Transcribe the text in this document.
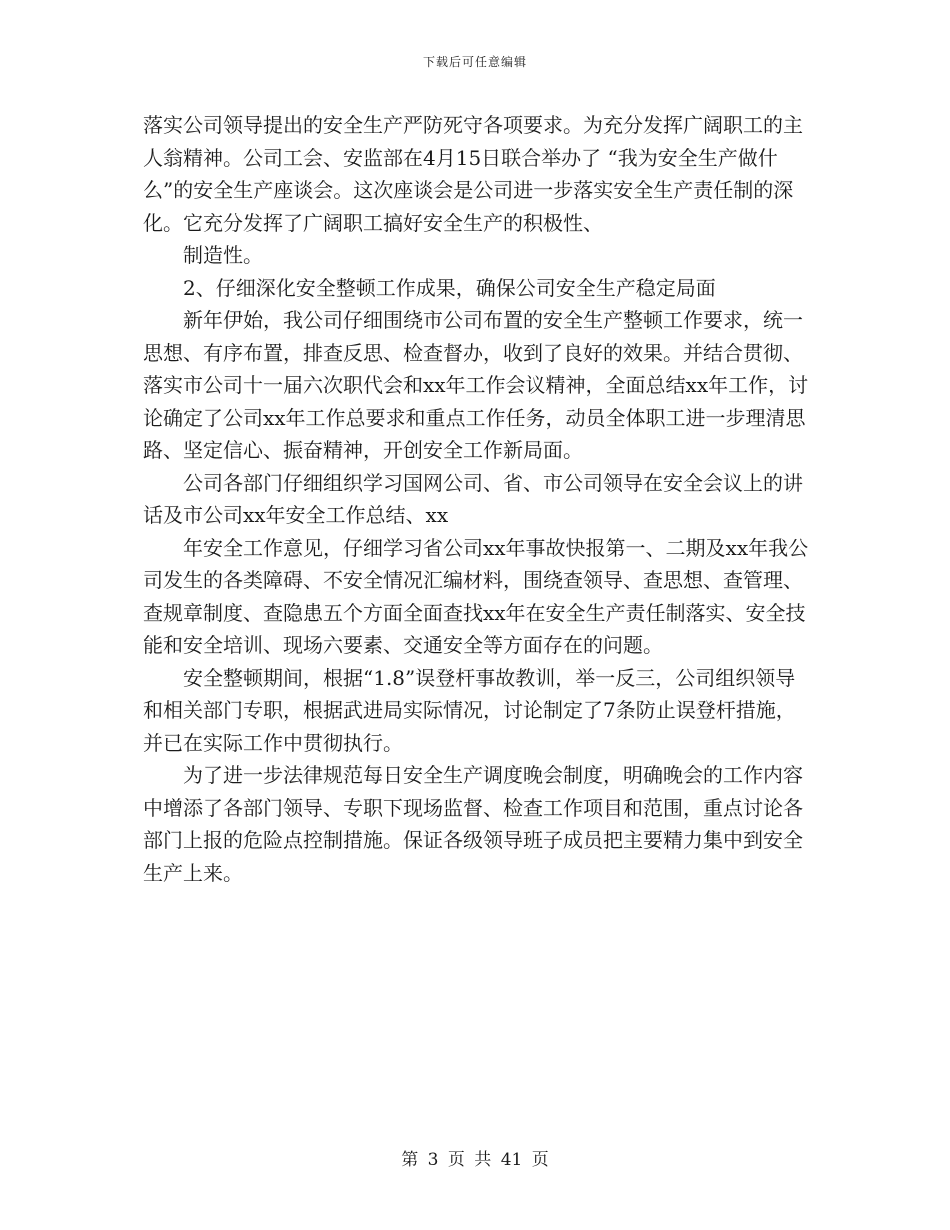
下载后可任意编辑

落实公司领导提出的安全生产严防死守各项要求。为充分发挥广阔职工的主人翁精神。公司工会、安监部在4月15日联合举办了 “我为安全生产做什么”的安全生产座谈会。这次座谈会是公司进一步落实安全生产责任制的深化。它充分发挥了广阔职工搞好安全生产的积极性、

制造性。

2、仔细深化安全整顿工作成果，确保公司安全生产稳定局面

新年伊始，我公司仔细围绕市公司布置的安全生产整顿工作要求，统一思想、有序布置，排查反思、检查督办，收到了良好的效果。并结合贯彻、落实市公司十一届六次职代会和xx年工作会议精神，全面总结xx年工作，讨论确定了公司xx年工作总要求和重点工作任务，动员全体职工进一步理清思路、坚定信心、振奋精神，开创安全工作新局面。

公司各部门仔细组织学习国网公司、省、市公司领导在安全会议上的讲话及市公司xx年安全工作总结、xx

年安全工作意见，仔细学习省公司xx年事故快报第一、二期及xx年我公司发生的各类障碍、不安全情况汇编材料，围绕查领导、查思想、查管理、查规章制度、查隐患五个方面全面查找xx年在安全生产责任制落实、安全技能和安全培训、现场六要素、交通安全等方面存在的问题。

安全整顿期间，根据“1.8”误登杆事故教训，举一反三，公司组织领导和相关部门专职，根据武进局实际情况，讨论制定了7条防止误登杆措施，并已在实际工作中贯彻执行。

为了进一步法律规范每日安全生产调度晚会制度，明确晚会的工作内容中增添了各部门领导、专职下现场监督、检查工作项目和范围，重点讨论各部门上报的危险点控制措施。保证各级领导班子成员把主要精力集中到安全生产上来。

第 3 页 共 41 页
